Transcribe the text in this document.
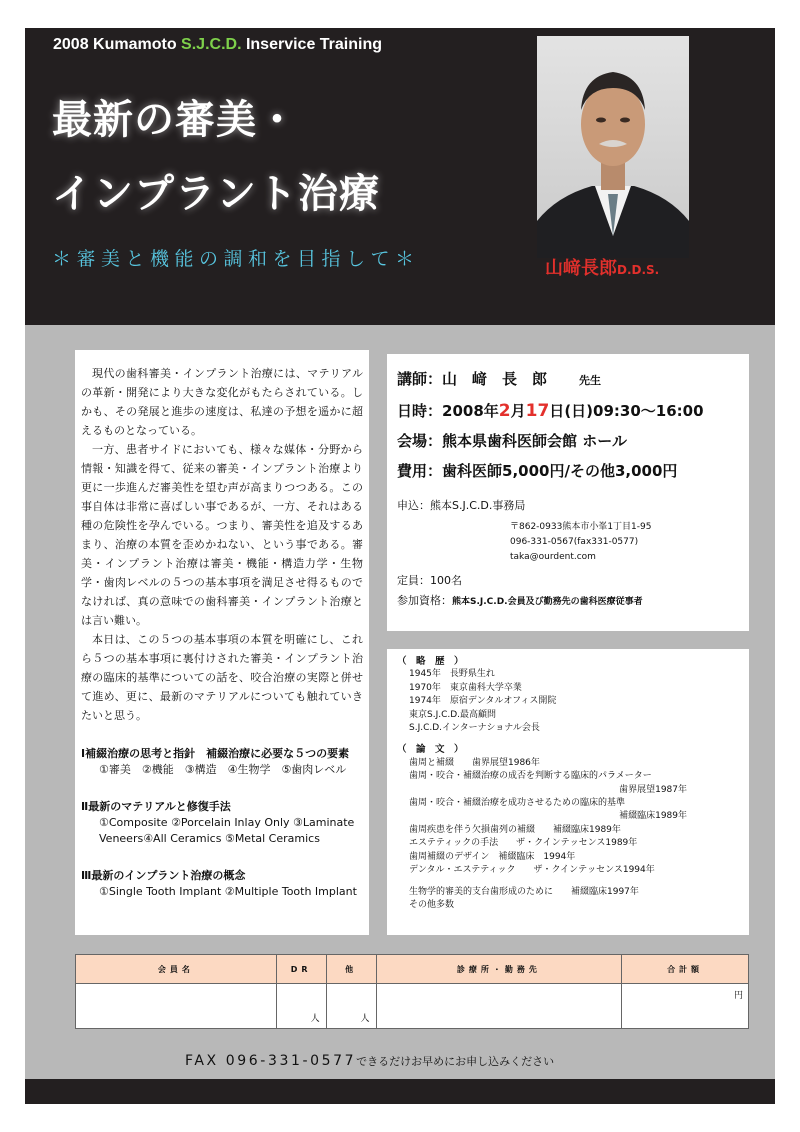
2008 Kumamoto S.J.C.D. Inservice Training
最新の審美・
インプラント治療
＊審美と機能の調和を目指して＊	山﨑長郎D.D.S.

現代の歯科審美・インプラント治療には、マテリアルの革新・開発により大きな変化がもたらされている。しかも、その発展と進歩の速度は、私達の予想を遥かに超えるものとなっている。

一方、患者サイドにおいても、様々な媒体・分野から情報・知識を得て、従来の審美・インプラント治療より更に一歩進んだ審美性を望む声が高まりつつある。この事自体は非常に喜ばしい事であるが、一方、それはある種の危険性を孕んでいる。つまり、審美性を追及するあまり、治療の本質を歪めかねない、という事である。審美・インプラント治療は審美・機能・構造力学・生物学・歯肉レベルの５つの基本事項を満足させ得るものでなければ、真の意味での歯科審美・インプラント治療とは言い難い。

本日は、この５つの基本事項の本質を明確にし、これら５つの基本事項に裏付けされた審美・インプラント治療の臨床的基準についての話を、咬合治療の実際と併せて進め、更に、最新のマテリアルについても触れていきたいと思う。

Ⅰ補綴治療の思考と指針　補綴治療に必要な５つの要素
①審美　②機能　③構造　④生物学　⑤歯肉レベル
Ⅱ最新のマテリアルと修復手法
①Composite ②Porcelain Inlay Only ③Laminate Veneers④All Ceramics ⑤Metal Ceramics
Ⅲ最新のインプラント治療の概念
①Single Tooth Implant ②Multiple Tooth Implant
講師：山　﨑　長　郎	先生
日時：2008年2月17日(日)09:30～16:00
会場：熊本県歯科医師会館 ホール
費用：歯科医師5,000円/その他3,000円
申込：熊本S.J.C.D.事務局
〒862-0933熊本市小峯1丁目1-95
096-331-0567(fax331-0577)
taka@ourdent.com
定員：100名
参加資格：熊本S.J.C.D.会員及び勤務先の歯科医療従事者
（　略　歴　）
1945年　長野県生れ
1970年　東京歯科大学卒業
1974年　原宿デンタルオフィス開院
東京S.J.C.D.最高顧問
S.J.C.D.インターナショナル会長
（　論　文　）
歯周と補綴　　歯界展望1986年
歯周・咬合・補綴治療の成否を判断する臨床的パラメーター
歯界展望1987年
歯周・咬合・補綴治療を成功させるための臨床的基準
補綴臨床1989年
歯周疾患を伴う欠損歯列の補綴　　補綴臨床1989年
エステティックの手法　　ザ・クインテッセンス1989年
歯周補綴のデザイン　補綴臨床　1994年
デンタル・エステティック　　ザ・クインテッセンス1994年
生物学的審美的支台歯形成のために　　補綴臨床1997年
その他多数
会員名	DR	他	診療所・勤務先	合計額

	人	人		円
FAX 096-331-0577できるだけお早めにお申し込みください
